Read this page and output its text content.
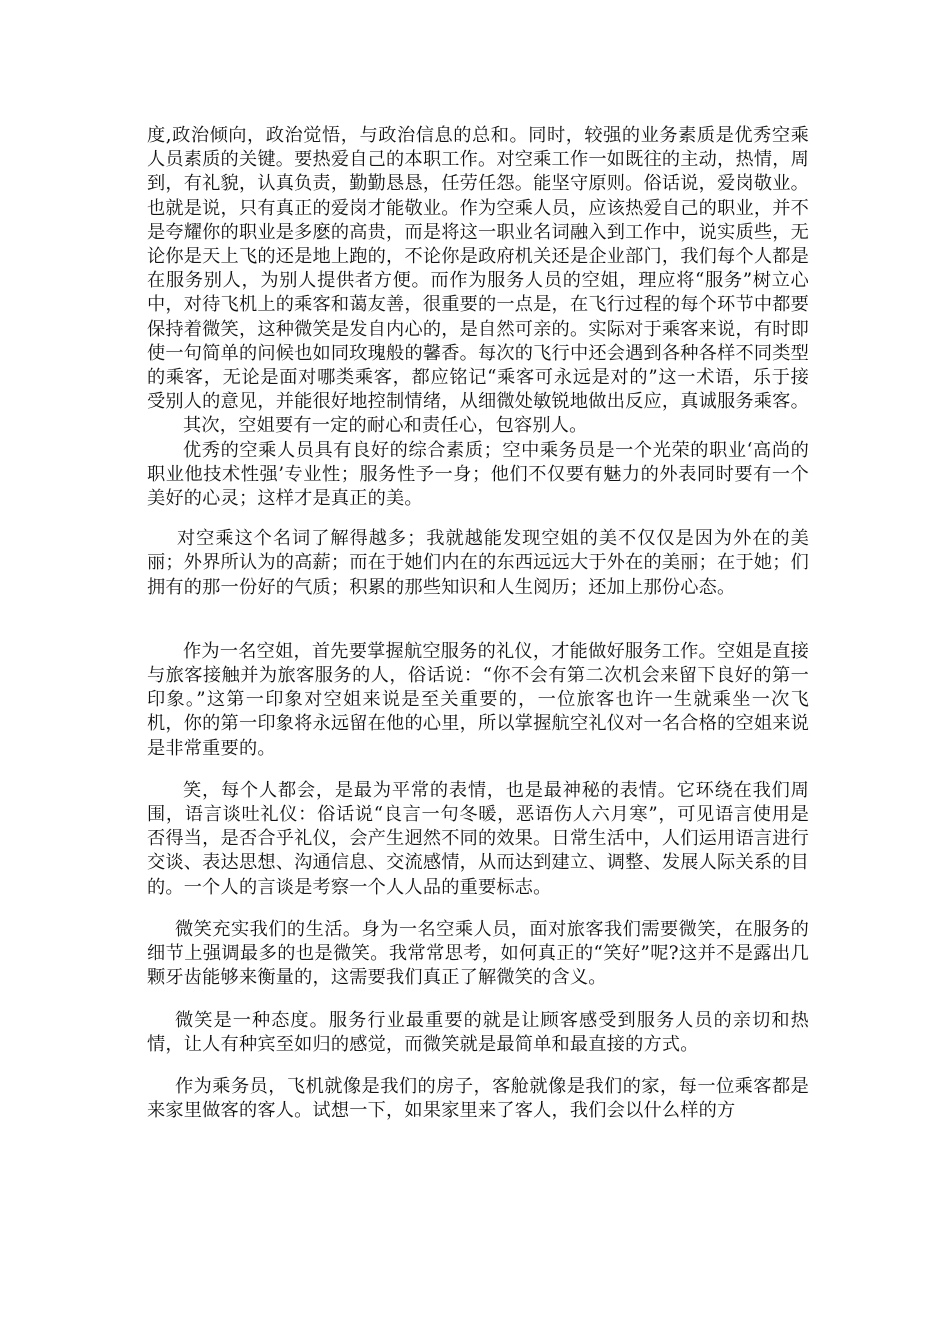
度,政治倾向，政治觉悟，与政治信息的总和。同时，较强的业务素质是优秀空乘人员素质的关键。要热爱自己的本职工作。对空乘工作一如既往的主动，热情，周到，有礼貌，认真负责，勤勤恳恳，任劳任怨。能坚守原则。俗话说，爱岗敬业。也就是说，只有真正的爱岗才能敬业。作为空乘人员，应该热爱自己的职业，并不是夸耀你的职业是多麽的高贵，而是将这一职业名词融入到工作中，说实质些，无论你是天上飞的还是地上跑的，不论你是政府机关还是企业部门，我们每个人都是在服务别人，为别人提供者方便。而作为服务人员的空姐，理应将“服务”树立心中，对待飞机上的乘客和蔼友善，很重要的一点是，在飞行过程的每个环节中都要保持着微笑，这种微笑是发自内心的，是自然可亲的。实际对于乘客来说，有时即使一句简单的问候也如同玫瑰般的馨香。每次的飞行中还会遇到各种各样不同类型的乘客，无论是面对哪类乘客，都应铭记“乘客可永远是对的”这一术语，乐于接受别人的意见，并能很好地控制情绪，从细微处敏锐地做出反应，真诚服务乘客。

其次，空姐要有一定的耐心和责任心，包容别人。

优秀的空乘人员具有良好的综合素质；空中乘务员是一个光荣的职业‘高尚的职业他技术性强’专业性；服务性予一身；他们不仅要有魅力的外表同时要有一个美好的心灵；这样才是真正的美。

对空乘这个名词了解得越多；我就越能发现空姐的美不仅仅是因为外在的美丽；外界所认为的高薪；而在于她们内在的东西远远大于外在的美丽；在于她；们拥有的那一份好的气质；积累的那些知识和人生阅历；还加上那份心态。

作为一名空姐，首先要掌握航空服务的礼仪，才能做好服务工作。空姐是直接与旅客接触并为旅客服务的人，俗话说：“你不会有第二次机会来留下良好的第一印象。”这第一印象对空姐来说是至关重要的，一位旅客也许一生就乘坐一次飞机，你的第一印象将永远留在他的心里，所以掌握航空礼仪对一名合格的空姐来说是非常重要的。

笑，每个人都会，是最为平常的表情，也是最神秘的表情。它环绕在我们周围，语言谈吐礼仪：俗话说“良言一句冬暖，恶语伤人六月寒”，可见语言使用是否得当，是否合乎礼仪，会产生迥然不同的效果。日常生活中，人们运用语言进行交谈、表达思想、沟通信息、交流感情，从而达到建立、调整、发展人际关系的目的。一个人的言谈是考察一个人人品的重要标志。

微笑充实我们的生活。身为一名空乘人员，面对旅客我们需要微笑，在服务的细节上强调最多的也是微笑。我常常思考，如何真正的“笑好”呢?这并不是露出几颗牙齿能够来衡量的，这需要我们真正了解微笑的含义。

微笑是一种态度。服务行业最重要的就是让顾客感受到服务人员的亲切和热情，让人有种宾至如归的感觉，而微笑就是最简单和最直接的方式。

作为乘务员，飞机就像是我们的房子，客舱就像是我们的家，每一位乘客都是来家里做客的客人。试想一下，如果家里来了客人，我们会以什么样的方
